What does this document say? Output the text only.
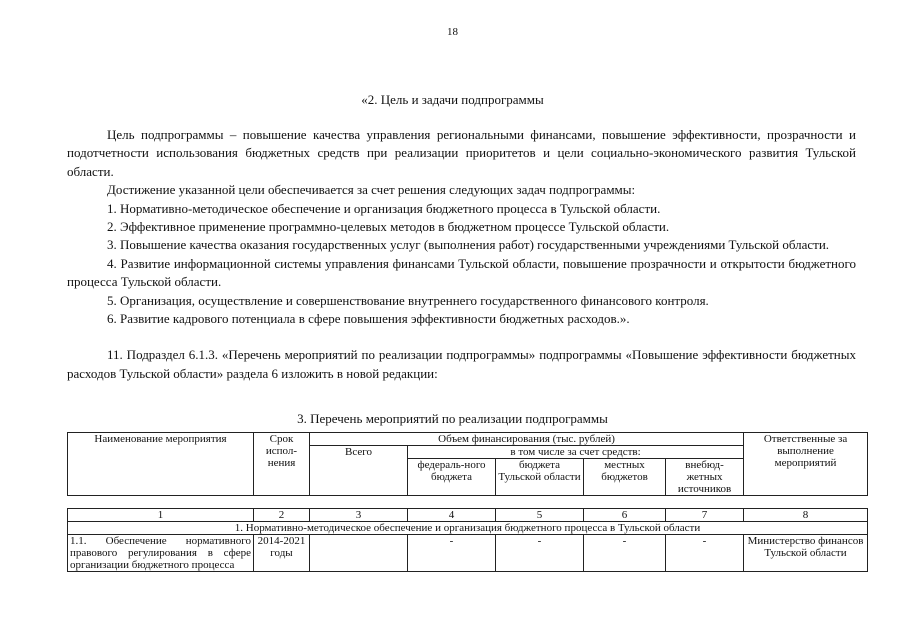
18
«2. Цель и задачи подпрограммы

Цель подпрограммы – повышение качества управления региональными финансами, повышение эффективности, прозрачности и подотчетности использования бюджетных средств при реализации приоритетов и цели социально-экономического развития Тульской области.

Достижение указанной цели обеспечивается за счет решения следующих задач подпрограммы:

1. Нормативно-методическое обеспечение и организация бюджетного процесса в Тульской области.

2. Эффективное применение программно-целевых методов в бюджетном процессе Тульской области.

3. Повышение качества оказания государственных услуг (выполнения работ) государственными учреждениями Тульской области.

4. Развитие информационной системы управления финансами Тульской области, повышение прозрачности и открытости бюджетного процесса Тульской области.

5. Организация, осуществление и совершенствование внутреннего государственного финансового контроля.

6. Развитие кадрового потенциала в сфере повышения эффективности бюджетных расходов.».

11. Подраздел 6.1.3. «Перечень мероприятий по реализации подпрограммы» подпрограммы «Повышение эффективности бюджетных расходов Тульской области» раздела 6 изложить в новой редакции:

3. Перечень мероприятий по реализации подпрограммы
Наименование мероприятия	Срок испол-нения	Объем финансирования (тыс. рублей)					Ответственные за выполнение мероприятий
		Всего	в том числе за счет средств:				
			федераль-ного бюджета	бюджета Тульской области	местных бюджетов	внебюд-жетных источников	
1	2	3	4	5	6	7	8
1. Нормативно-методическое обеспечение и организация бюджетного процесса в Тульской области							
1.1. Обеспечение нормативного правового регулирования в сфере организации бюджетного процесса	2014-2021 годы		-	-	-	-	Министерство финансов Тульской области
